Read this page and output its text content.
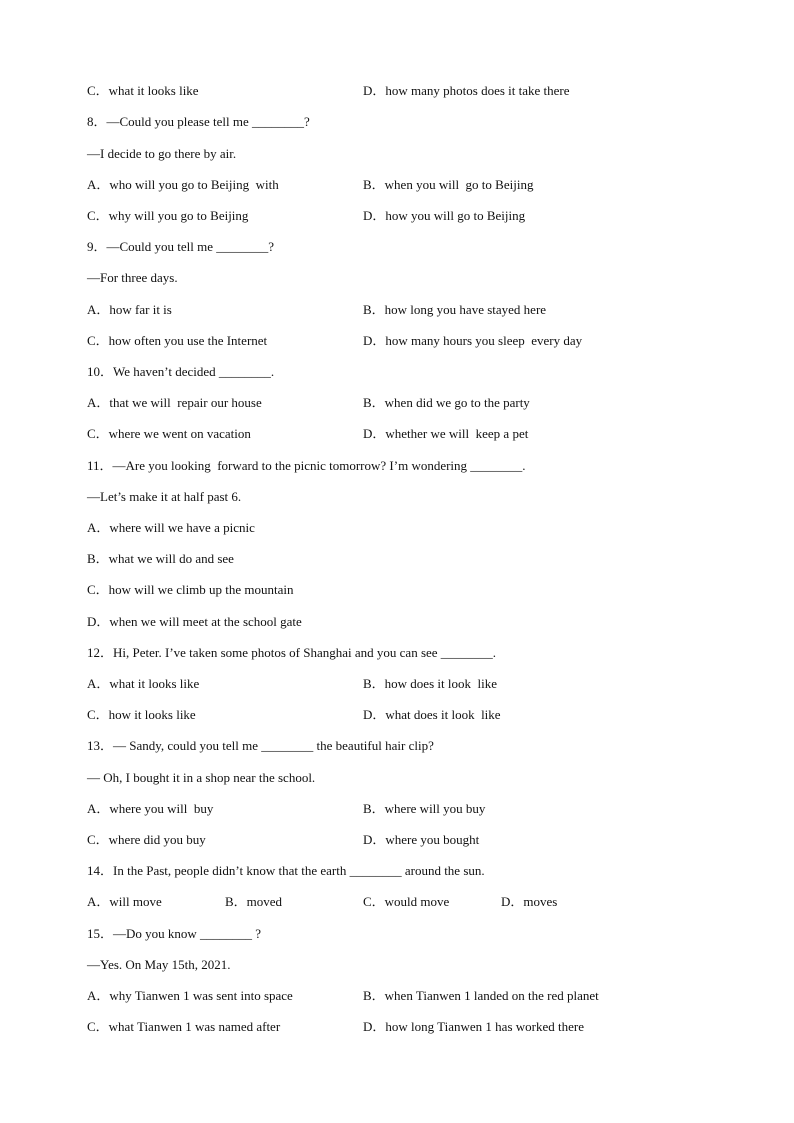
C．what it looks like	D．how many photos does it take there
8．—Could you please tell me ________?
—I decide to go there by air.
A．who will you go to Beijing  with	B．when you will  go to Beijing
C．why will you go to Beijing	D．how you will go to Beijing
9．—Could you tell me ________?
—For three days.
A．how far it is	B．how long you have stayed here
C．how often you use the Internet	D．how many hours you sleep  every day
10．We haven’t decided ________.
A．that we will  repair our house	B．when did we go to the party
C．where we went on vacation	D．whether we will  keep a pet
11．—Are you looking  forward to the picnic tomorrow? I’m wondering ________.
—Let’s make it at half past 6.
A．where will we have a picnic
B．what we will do and see
C．how will we climb up the mountain
D．when we will meet at the school gate
12．Hi, Peter. I’ve taken some photos of Shanghai and you can see ________.
A．what it looks like	B．how does it look  like
C．how it looks like	D．what does it look  like
13．— Sandy, could you tell me ________ the beautiful hair clip?
— Oh, I bought it in a shop near the school.
A．where you will  buy	B．where will you buy
C．where did you buy	D．where you bought
14．In the Past, people didn’t know that the earth ________ around the sun.
A．will move	B．moved	C．would move	D．moves
15．—Do you know ________ ?
—Yes. On May 15th, 2021.
A．why Tianwen 1 was sent into space	B．when Tianwen 1 landed on the red planet
C．what Tianwen 1 was named after	D．how long Tianwen 1 has worked there
